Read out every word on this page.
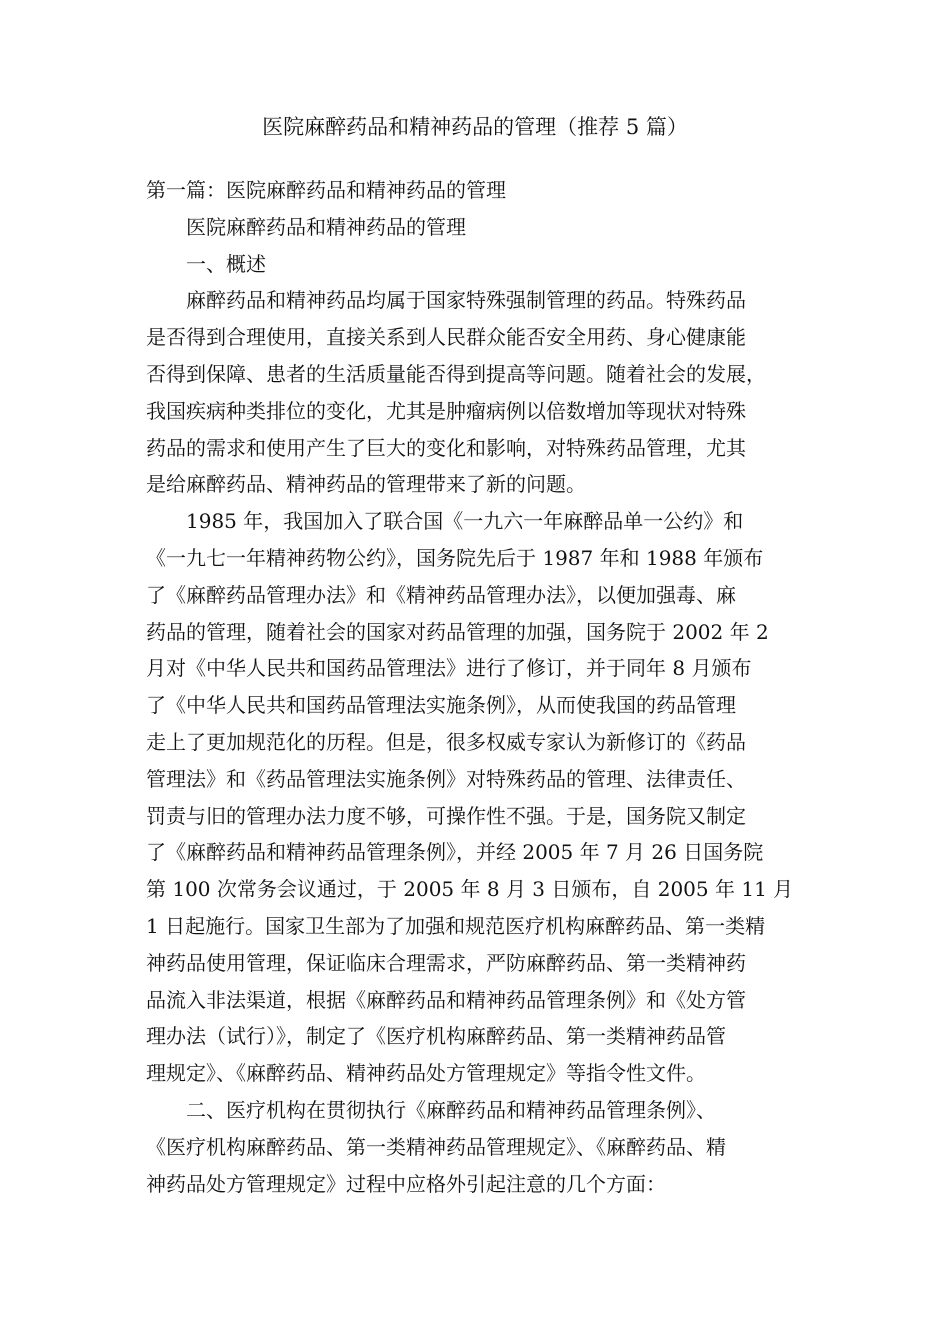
医院麻醉药品和精神药品的管理（推荐 5 篇）
第一篇：医院麻醉药品和精神药品的管理
医院麻醉药品和精神药品的管理
一、概述
麻醉药品和精神药品均属于国家特殊强制管理的药品。特殊药品
是否得到合理使用，直接关系到人民群众能否安全用药、身心健康能
否得到保障、患者的生活质量能否得到提高等问题。随着社会的发展，
我国疾病种类排位的变化，尤其是肿瘤病例以倍数增加等现状对特殊
药品的需求和使用产生了巨大的变化和影响，对特殊药品管理，尤其
是给麻醉药品、精神药品的管理带来了新的问题。
1985 年，我国加入了联合国《一九六一年麻醉品单一公约》和
《一九七一年精神药物公约》，国务院先后于 1987 年和 1988 年颁布
了《麻醉药品管理办法》和《精神药品管理办法》，以便加强毒、麻
药品的管理，随着社会的国家对药品管理的加强，国务院于 2002 年 2
月对《中华人民共和国药品管理法》进行了修订，并于同年 8 月颁布
了《中华人民共和国药品管理法实施条例》，从而使我国的药品管理
走上了更加规范化的历程。但是，很多权威专家认为新修订的《药品
管理法》和《药品管理法实施条例》对特殊药品的管理、法律责任、
罚责与旧的管理办法力度不够，可操作性不强。于是，国务院又制定
了《麻醉药品和精神药品管理条例》，并经 2005 年 7 月 26 日国务院
第 100 次常务会议通过，于 2005 年 8 月 3 日颁布，自 2005 年 11 月
1 日起施行。国家卫生部为了加强和规范医疗机构麻醉药品、第一类精
神药品使用管理，保证临床合理需求，严防麻醉药品、第一类精神药
品流入非法渠道，根据《麻醉药品和精神药品管理条例》和《处方管
理办法（试行）》，制定了《医疗机构麻醉药品、第一类精神药品管
理规定》、《麻醉药品、精神药品处方管理规定》等指令性文件。
二、医疗机构在贯彻执行《麻醉药品和精神药品管理条例》、
《医疗机构麻醉药品、第一类精神药品管理规定》、《麻醉药品、精
神药品处方管理规定》过程中应格外引起注意的几个方面：
